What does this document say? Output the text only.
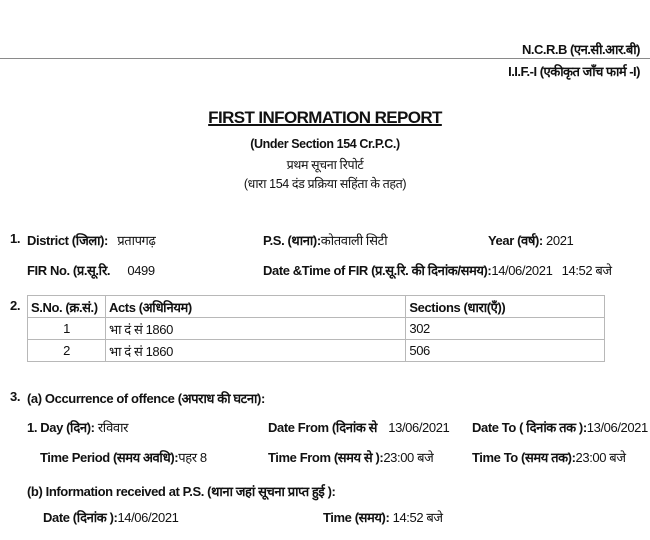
N.C.R.B (एन.सी.आर.बी)
I.I.F.-I (एकीकृत जाँच फार्म -I)
FIRST INFORMATION REPORT
(Under Section 154 Cr.P.C.)
प्रथम सूचना रिपोर्ट
(धारा 154 दंड प्रक्रिया सहिंता के तहत)
1. District (जिला): प्रतापगढ़	P.S. (थाना):कोतवाली सिटी	Year (वर्ष): 2021
FIR No. (प्र.सू.रि. 0499	Date &Time of FIR (प्र.सू.रि. की दिनांक/समय):14/06/2021 14:52 बजे
2. S.No. (क्र.सं.)	Acts (अधिनियम)	Sections (धारा(एँ))
1	भा दं सं 1860	302
2	भा दं सं 1860	506
3. (a) Occurrence of offence (अपराध की घटना):
1. Day (दिन): रविवार	Date From (दिनांक से 13/06/2021 Date To ( दिनांक तक ):13/06/2021
Time Period (समय अवधि):पहर 8	Time From (समय से ):23:00 बजे	Time To (समय तक):23:00 बजे
(b) Information received at P.S. (थाना जहां सूचना प्राप्त हुई ):
Date (दिनांक ):14/06/2021	Time (समय): 14:52 बजे
